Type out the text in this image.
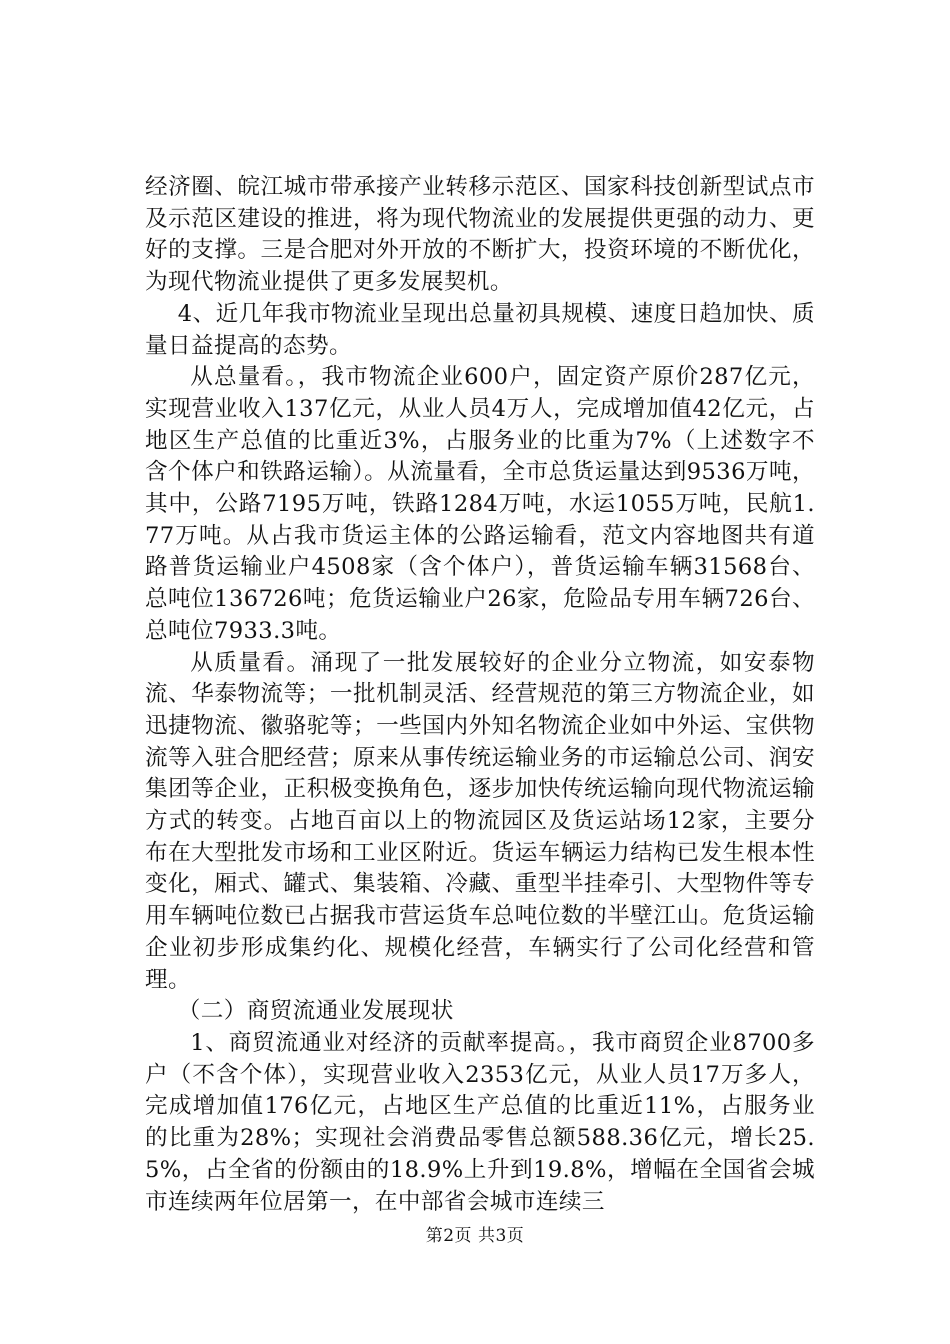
经济圈、皖江城市带承接产业转移示范区、国家科技创新型试点市及示范区建设的推进，将为现代物流业的发展提供更强的动力、更好的支撑。三是合肥对外开放的不断扩大，投资环境的不断优化，为现代物流业提供了更多发展契机。

4、近几年我市物流业呈现出总量初具规模、速度日趋加快、质量日益提高的态势。

从总量看。，我市物流企业600户，固定资产原价287亿元，实现营业收入137亿元，从业人员4万人，完成增加值42亿元，占地区生产总值的比重近3%，占服务业的比重为7%（上述数字不含个体户和铁路运输）。从流量看，全市总货运量达到9536万吨，其中，公路7195万吨，铁路1284万吨，水运1055万吨，民航1.77万吨。从占我市货运主体的公路运输看，范文内容地图共有道路普货运输业户4508家（含个体户），普货运输车辆31568台、总吨位136726吨；危货运输业户26家，危险品专用车辆726台、总吨位7933.3吨。

从质量看。涌现了一批发展较好的企业分立物流，如安泰物流、华泰物流等；一批机制灵活、经营规范的第三方物流企业，如迅捷物流、徽骆驼等；一些国内外知名物流企业如中外运、宝供物流等入驻合肥经营；原来从事传统运输业务的市运输总公司、润安集团等企业，正积极变换角色，逐步加快传统运输向现代物流运输方式的转变。占地百亩以上的物流园区及货运站场12家，主要分布在大型批发市场和工业区附近。货运车辆运力结构已发生根本性变化，厢式、罐式、集装箱、冷藏、重型半挂牵引、大型物件等专用车辆吨位数已占据我市营运货车总吨位数的半壁江山。危货运输企业初步形成集约化、规模化经营，车辆实行了公司化经营和管理。

（二）商贸流通业发展现状

1、商贸流通业对经济的贡献率提高。，我市商贸企业8700多户（不含个体），实现营业收入2353亿元，从业人员17万多人，完成增加值176亿元，占地区生产总值的比重近11%，占服务业的比重为28%；实现社会消费品零售总额588.36亿元，增长25.5%，占全省的份额由的18.9%上升到19.8%，增幅在全国省会城市连续两年位居第一，在中部省会城市连续三

第2页 共3页
